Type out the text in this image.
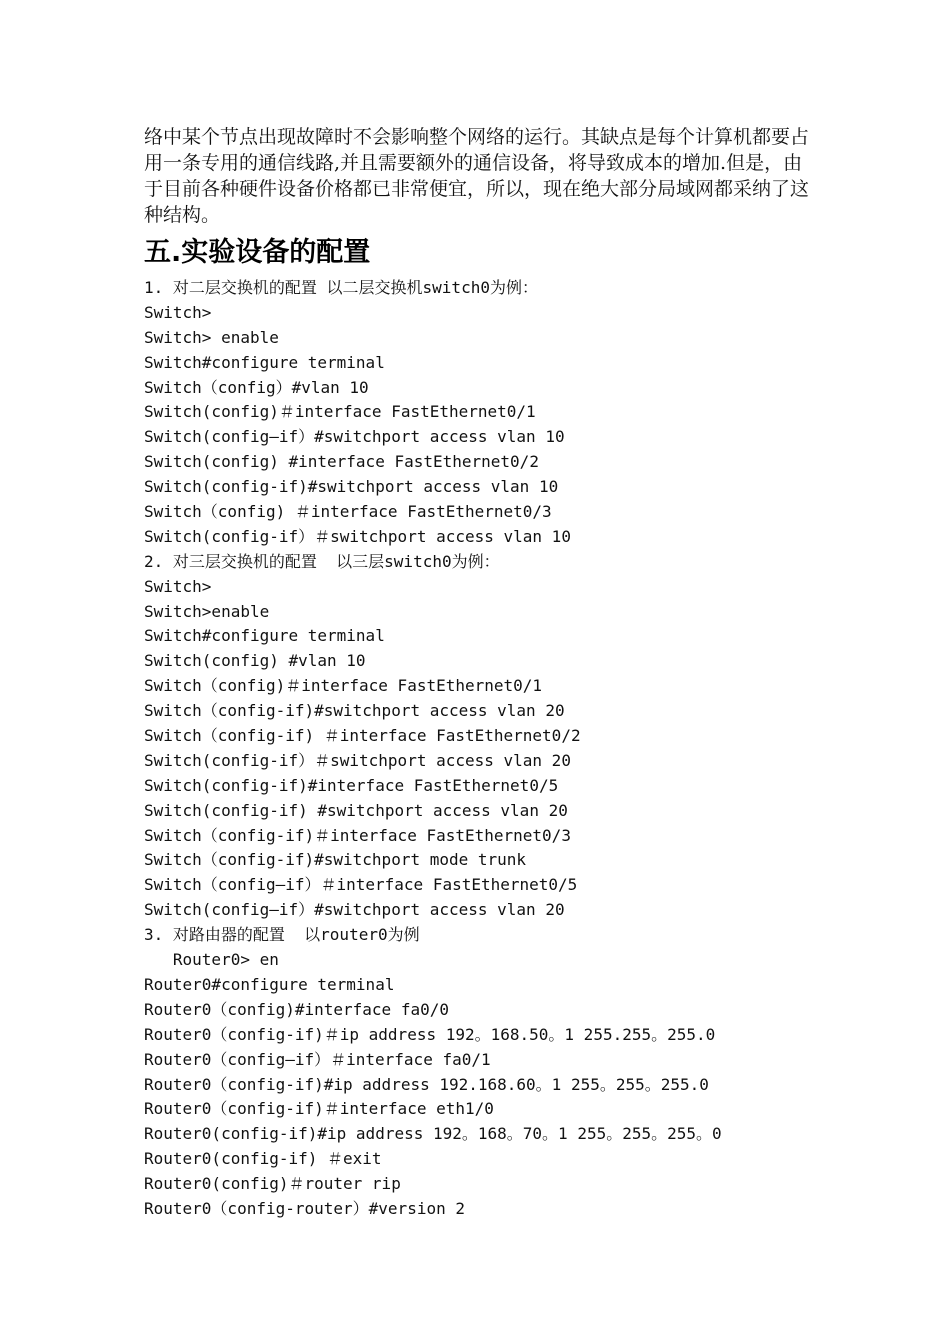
络中某个节点出现故障时不会影响整个网络的运行。其缺点是每个计算机都要占用一条专用的通信线路,并且需要额外的通信设备，将导致成本的增加.但是，由于目前各种硬件设备价格都已非常便宜，所以，现在绝大部分局域网都采纳了这种结构。

五.实验设备的配置
1. 对二层交换机的配置 以二层交换机switch0为例：
Switch>
Switch> enable
Switch#configure terminal
Switch（config）#vlan 10
Switch(config)＃interface FastEthernet0/1
Switch(config—if）#switchport access vlan 10
Switch(config) #interface FastEthernet0/2
Switch(config-if)#switchport access vlan 10
Switch（config) ＃interface FastEthernet0/3
Switch(config-if）＃switchport access vlan 10
2. 对三层交换机的配置  以三层switch0为例：
Switch>
Switch>enable
Switch#configure terminal
Switch(config) #vlan 10
Switch（config)＃interface FastEthernet0/1
Switch（config-if)#switchport access vlan 20
Switch（config-if) ＃interface FastEthernet0/2
Switch(config-if）＃switchport access vlan 20
Switch(config-if)#interface FastEthernet0/5
Switch(config-if) #switchport access vlan 20
Switch（config-if)＃interface FastEthernet0/3
Switch（config-if)#switchport mode trunk
Switch（config—if）＃interface FastEthernet0/5
Switch(config—if）#switchport access vlan 20
3. 对路由器的配置  以router0为例
Router0> en
Router0#configure terminal
Router0（config)#interface fa0/0
Router0（config-if)＃ip address 192。168.50。1 255.255。255.0
Router0（config—if）＃interface fa0/1
Router0（config-if)#ip address 192.168.60。1 255。255。255.0
Router0（config-if)＃interface eth1/0
Router0(config-if)#ip address 192。168。70。1 255。255。255。0
Router0(config-if) ＃exit
Router0(config)＃router rip
Router0（config-router）#version 2
